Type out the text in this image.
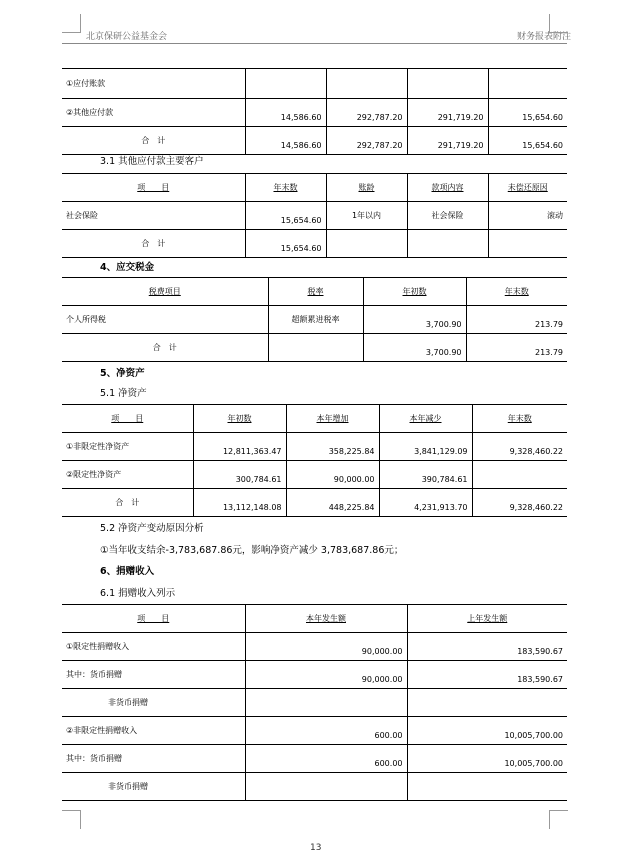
北京保研公益基金会	财务报表附注
①应付账款				
②其他应付款	14,586.60	292,787.20	291,719.20	15,654.60
合　计	14,586.60	292,787.20	291,719.20	15,654.60
3.1 其他应付款主要客户
项　　目	年末数	账龄	款项内容	未偿还原因
社会保险	15,654.60	1年以内	社会保险	滚动
合　计	15,654.60			
4、应交税金
税费项目	税率	年初数	年末数
个人所得税	超额累进税率	3,700.90	213.79
合　计		3,700.90	213.79
5、净资产
5.1 净资产
项　　目	年初数	本年增加	本年减少	年末数
①非限定性净资产	12,811,363.47	358,225.84	3,841,129.09	9,328,460.22
②限定性净资产	300,784.61	90,000.00	390,784.61	
合　计	13,112,148.08	448,225.84	4,231,913.70	9,328,460.22
5.2 净资产变动原因分析
①当年收支结余-3,783,687.86元，影响净资产减少 3,783,687.86元；
6、捐赠收入
6.1 捐赠收入列示
项　　目	本年发生额	上年发生额
①限定性捐赠收入	90,000.00	183,590.67
其中：货币捐赠	90,000.00	183,590.67
　　非货币捐赠		
②非限定性捐赠收入	600.00	10,005,700.00
其中：货币捐赠	600.00	10,005,700.00
　　非货币捐赠		
13
